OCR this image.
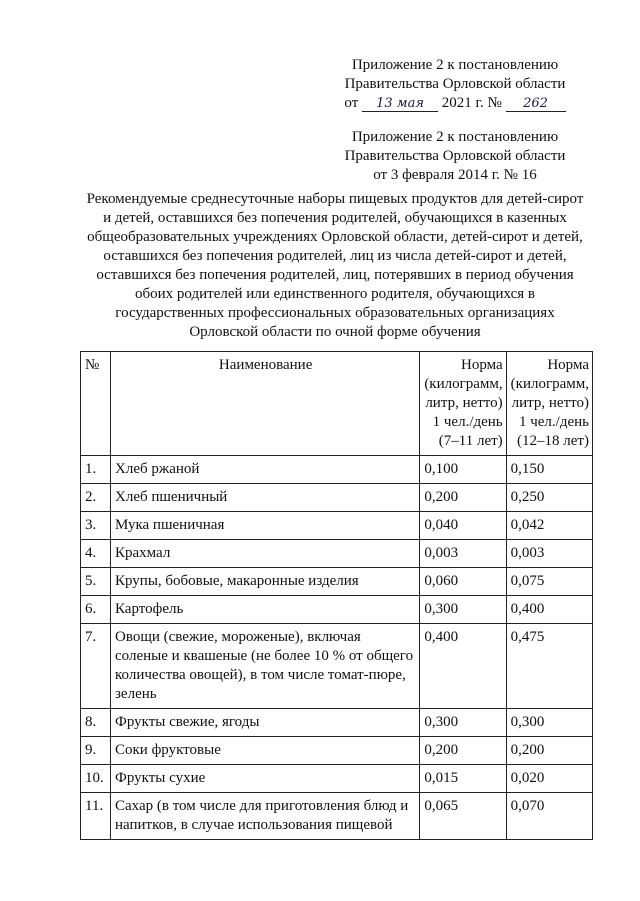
Приложение 2 к постановлению
Правительства Орловской области
от 13 мая 2021 г. № 262
Приложение 2 к постановлению
Правительства Орловской области
от 3 февраля 2014 г. № 16
Рекомендуемые среднесуточные наборы пищевых продуктов для детей-сирот
и детей, оставшихся без попечения родителей, обучающихся в казенных
общеобразовательных учреждениях Орловской области, детей-сирот и детей,
оставшихся без попечения родителей, лиц из числа детей-сирот и детей,
оставшихся без попечения родителей, лиц, потерявших в период обучения
обоих родителей или единственного родителя, обучающихся в
государственных профессиональных образовательных организациях
Орловской области по очной форме обучения
№	Наименование	Норма
(килограмм,
литр, нетто)
1 чел./день
(7–11 лет)	Норма
(килограмм,
литр, нетто)
1 чел./день
(12–18 лет)

1.	Хлеб ржаной	0,100	0,150
2.	Хлеб пшеничный	0,200	0,250
3.	Мука пшеничная	0,040	0,042
4.	Крахмал	0,003	0,003
5.	Крупы, бобовые, макаронные изделия	0,060	0,075
6.	Картофель	0,300	0,400
7.	Овощи (свежие, мороженые), включая соленые и квашеные (не более 10 % от общего количества овощей), в том числе томат-пюре, зелень	0,400	0,475
8.	Фрукты свежие, ягоды	0,300	0,300
9.	Соки фруктовые	0,200	0,200
10.	Фрукты сухие	0,015	0,020
11.	Сахар (в том числе для приготовления блюд и напитков, в случае использования пищевой	0,065	0,070
